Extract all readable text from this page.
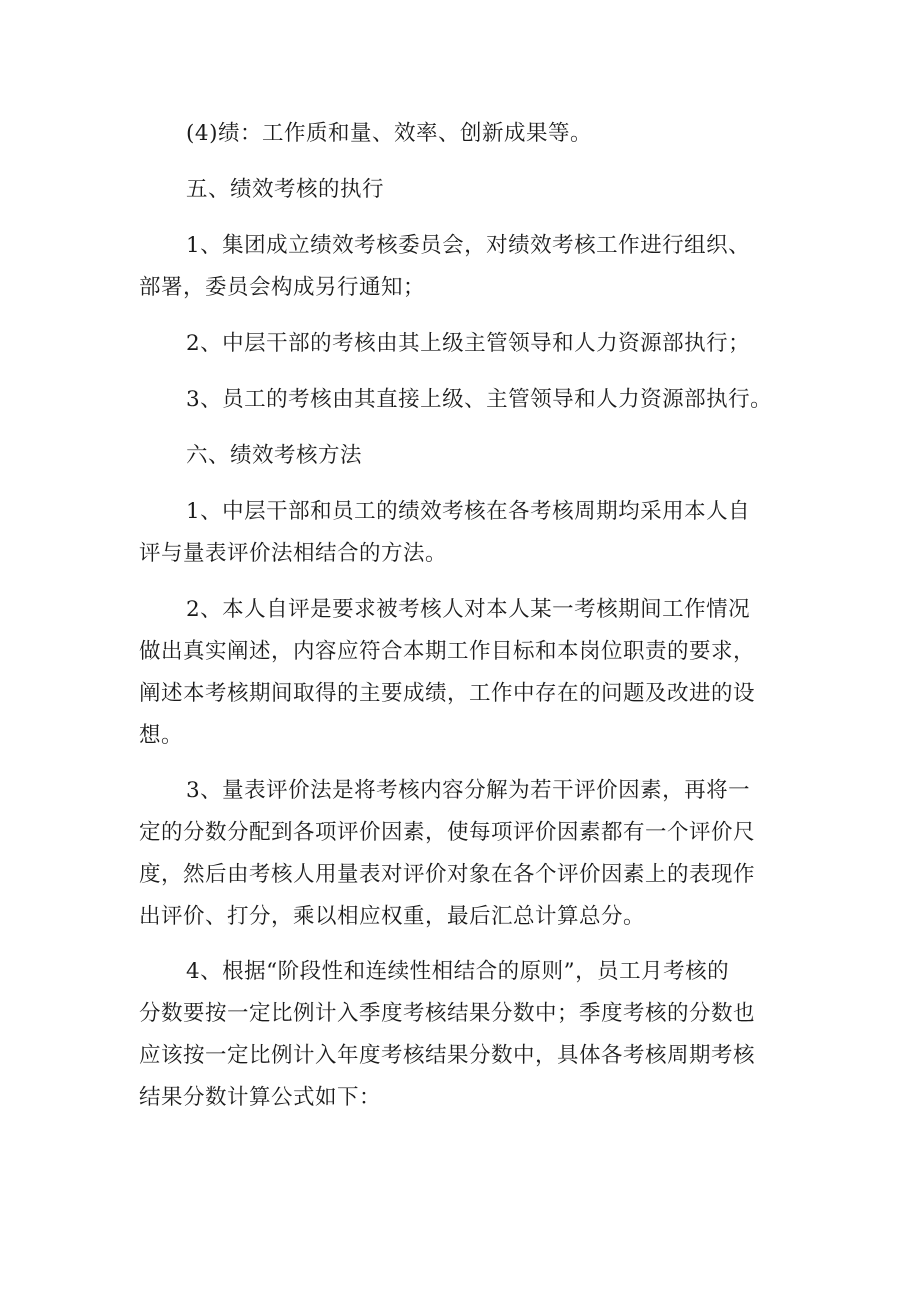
(4)绩：工作质和量、效率、创新成果等。

五、绩效考核的执行

1、集团成立绩效考核委员会，对绩效考核工作进行组织、
部署，委员会构成另行通知；

2、中层干部的考核由其上级主管领导和人力资源部执行；

3、员工的考核由其直接上级、主管领导和人力资源部执行。

六、绩效考核方法

1、中层干部和员工的绩效考核在各考核周期均采用本人自
评与量表评价法相结合的方法。

2、本人自评是要求被考核人对本人某一考核期间工作情况
做出真实阐述，内容应符合本期工作目标和本岗位职责的要求，
阐述本考核期间取得的主要成绩，工作中存在的问题及改进的设
想。

3、量表评价法是将考核内容分解为若干评价因素，再将一
定的分数分配到各项评价因素，使每项评价因素都有一个评价尺
度，然后由考核人用量表对评价对象在各个评价因素上的表现作
出评价、打分，乘以相应权重，最后汇总计算总分。

4、根据“阶段性和连续性相结合的原则”，员工月考核的
分数要按一定比例计入季度考核结果分数中；季度考核的分数也
应该按一定比例计入年度考核结果分数中，具体各考核周期考核
结果分数计算公式如下：
